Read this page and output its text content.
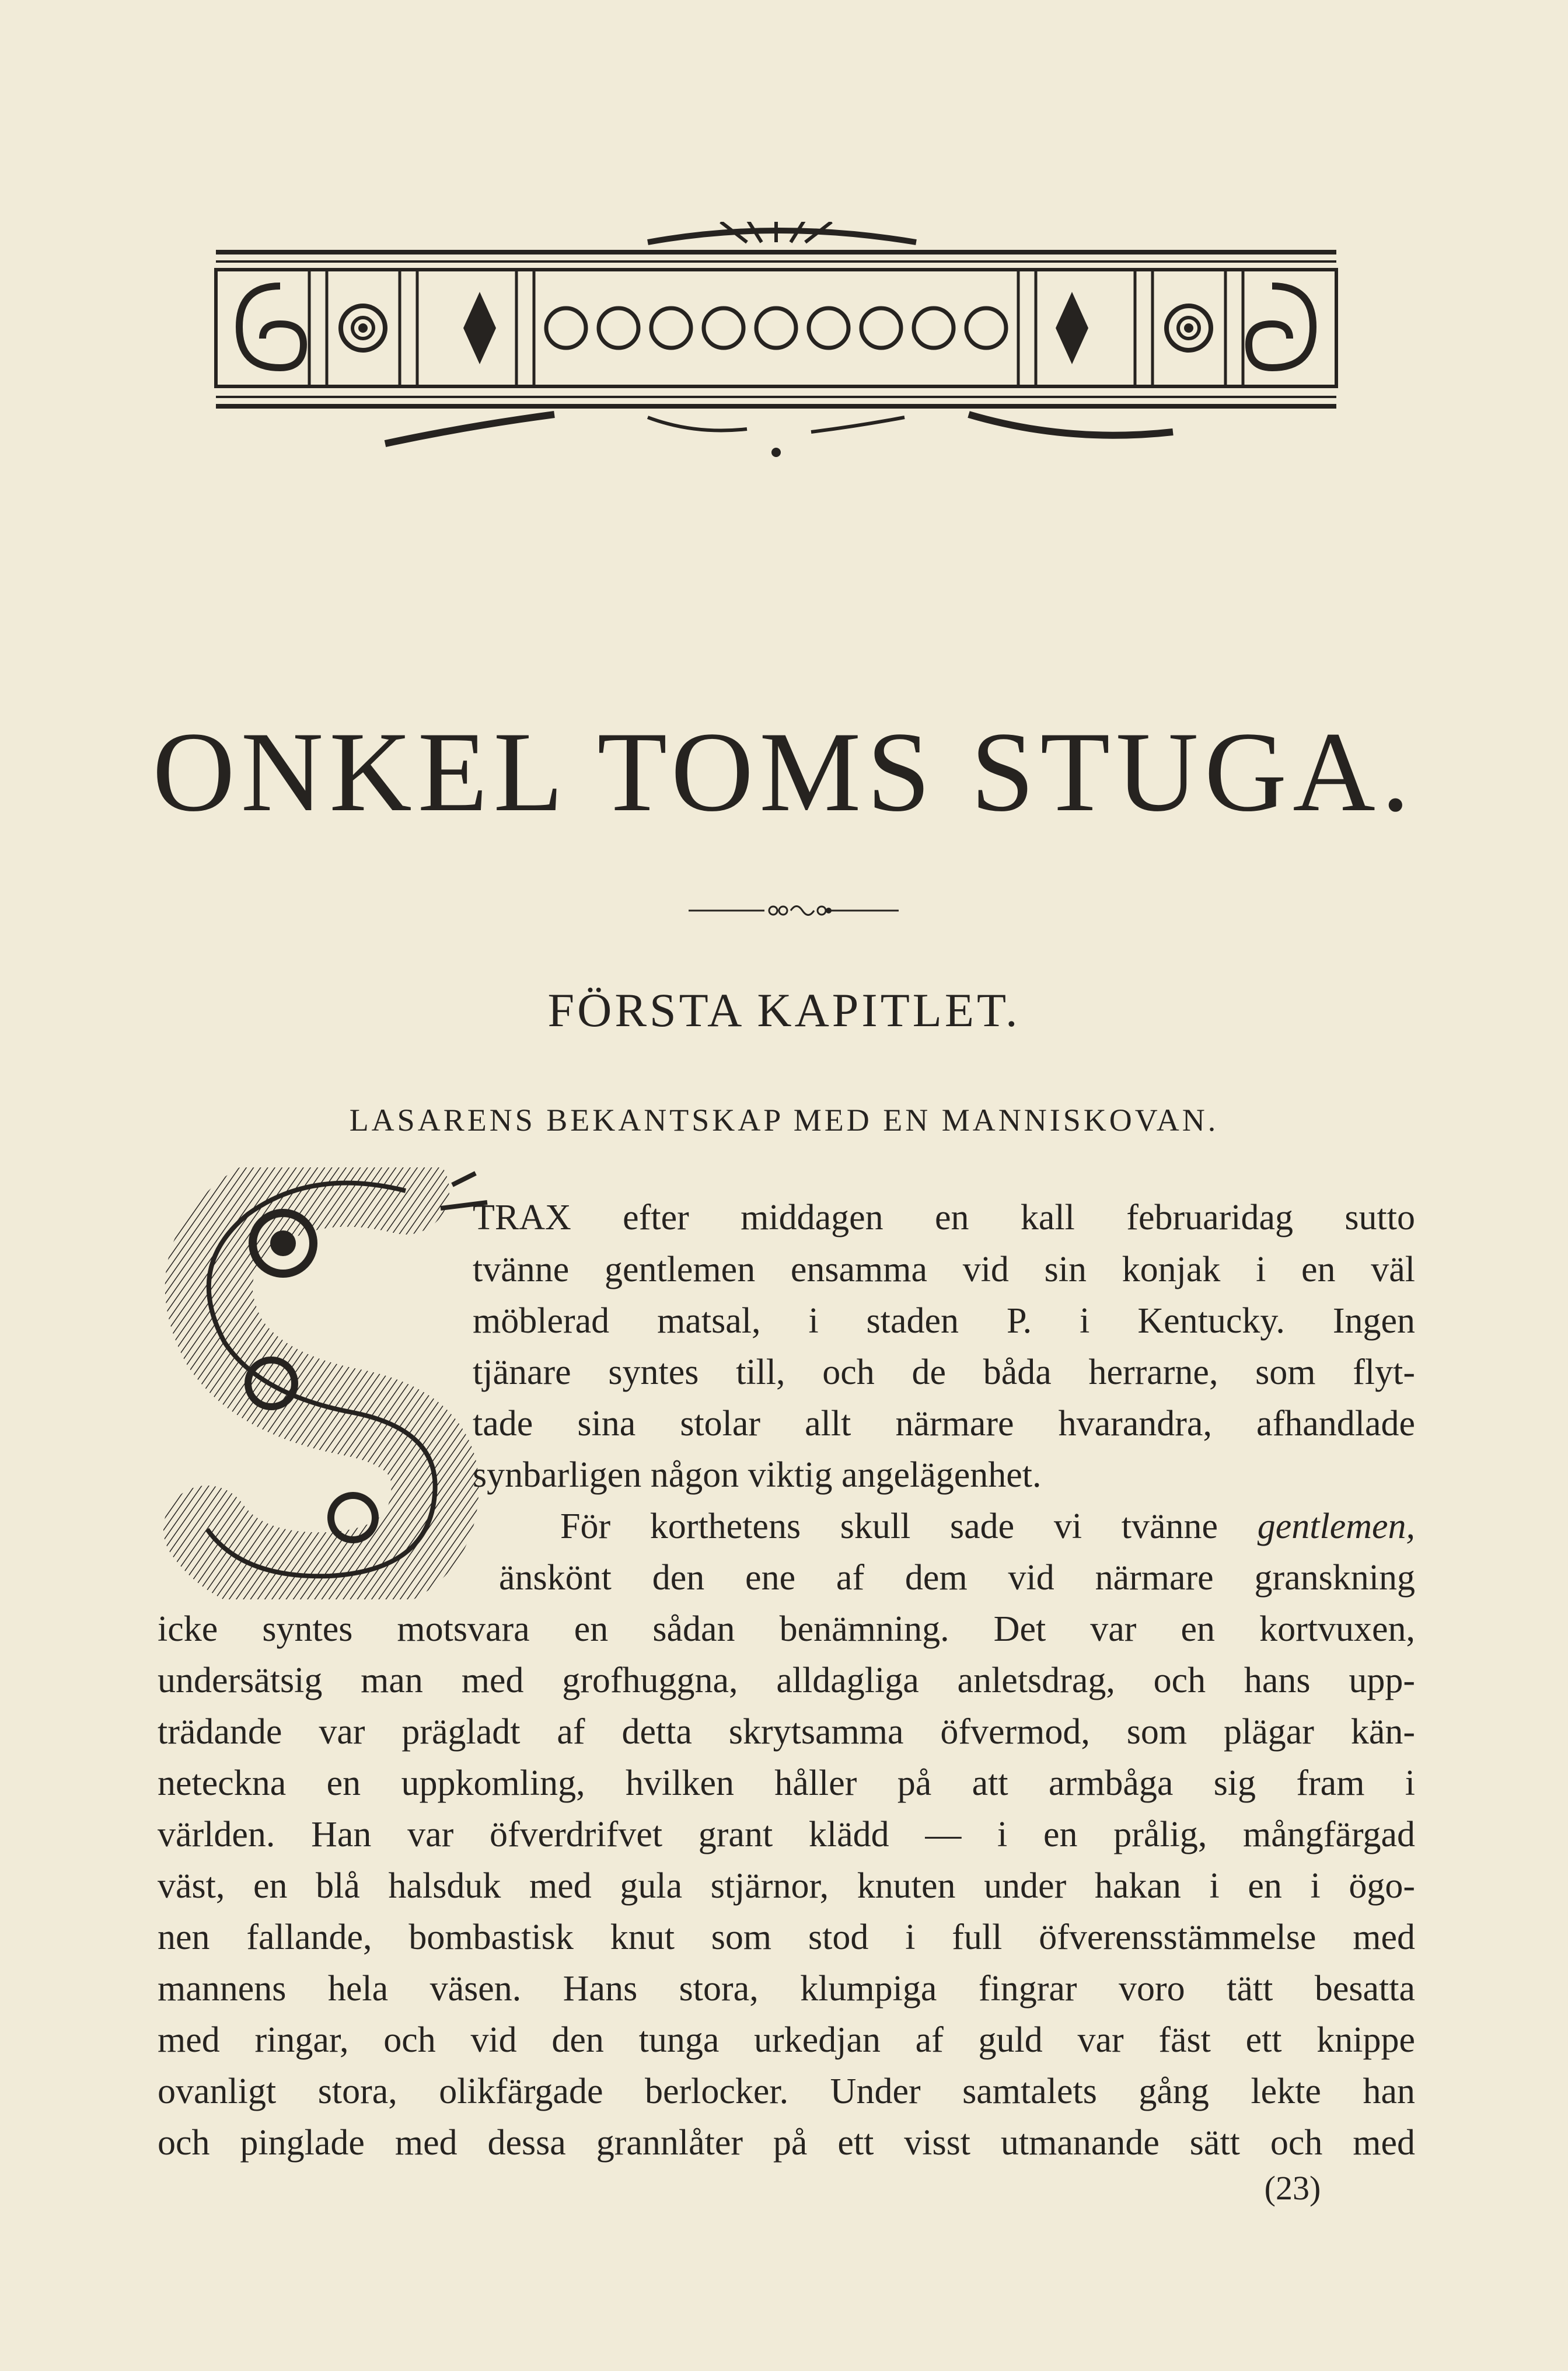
ONKEL TOMS STUGA.
FÖRSTA KAPITLET.
LASARENS BEKANTSKAP MED EN MANNISKOVAN.
TRAX efter middagen en kall februaridag sutto
tvänne gentlemen ensamma vid sin konjak i en väl
möblerad matsal, i staden P. i Kentucky. Ingen
tjänare syntes till, och de båda herrarne, som flyt-
tade sina stolar allt närmare hvarandra, afhandlade
synbarligen någon viktig angelägenhet.
För korthetens skull sade vi tvänne gentlemen,
änskönt den ene af dem vid närmare granskning
icke syntes motsvara en sådan benämning. Det var en kortvuxen,
undersätsig man med grofhuggna, alldagliga anletsdrag, och hans upp-
trädande var prägladt af detta skrytsamma öfvermod, som plägar kän-
neteckna en uppkomling, hvilken håller på att armbåga sig fram i
världen. Han var öfverdrifvet grant klädd — i en prålig, mångfärgad
väst, en blå halsduk med gula stjärnor, knuten under hakan i en i ögo-
nen fallande, bombastisk knut som stod i full öfverensstämmelse med
mannens hela väsen. Hans stora, klumpiga fingrar voro tätt besatta
med ringar, och vid den tunga urkedjan af guld var fäst ett knippe
ovanligt stora, olikfärgade berlocker. Under samtalets gång lekte han
och pinglade med dessa grannlåter på ett visst utmanande sätt och med
(23)
